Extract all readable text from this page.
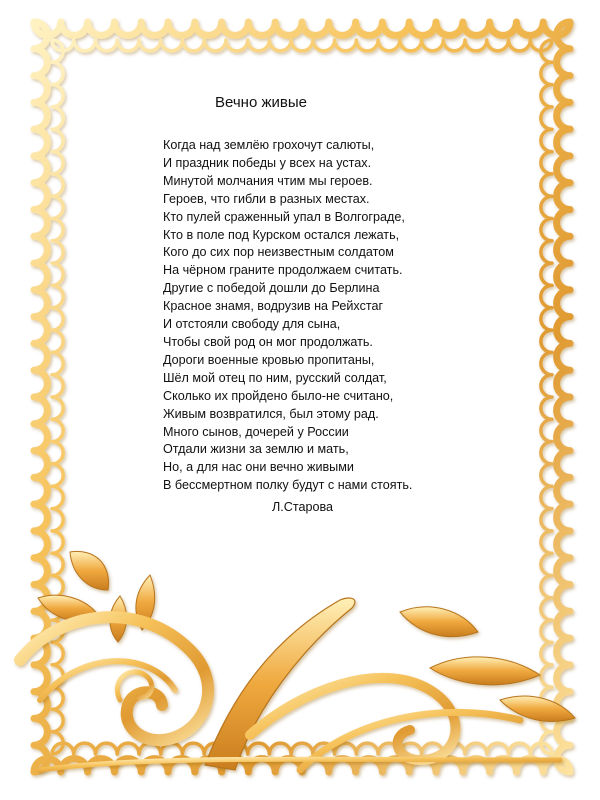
Вечно живые
Когда над землёю грохочут салюты,
И праздник победы у всех на устах.
Минутой молчания чтим мы героев.
Героев, что гибли в разных местах.
Кто пулей сраженный упал в Волгограде,
Кто в поле под Курском остался лежать,
Кого до сих пор неизвестным солдатом
На чёрном граните продолжаем считать.
Другие с победой дошли до Берлина
Красное знамя, водрузив на Рейхстаг
И отстояли свободу для сына,
Чтобы свой род он мог продолжать.
Дороги военные кровью пропитаны,
Шёл мой отец по ним, русский солдат,
Сколько их пройдено было-не считано,
Живым возвратился, был этому рад.
Много сынов, дочерей у России
Отдали жизни за землю и мать,
Но, а для нас они вечно живыми
В бессмертном полку будут с нами стоять.
Л.Старова
